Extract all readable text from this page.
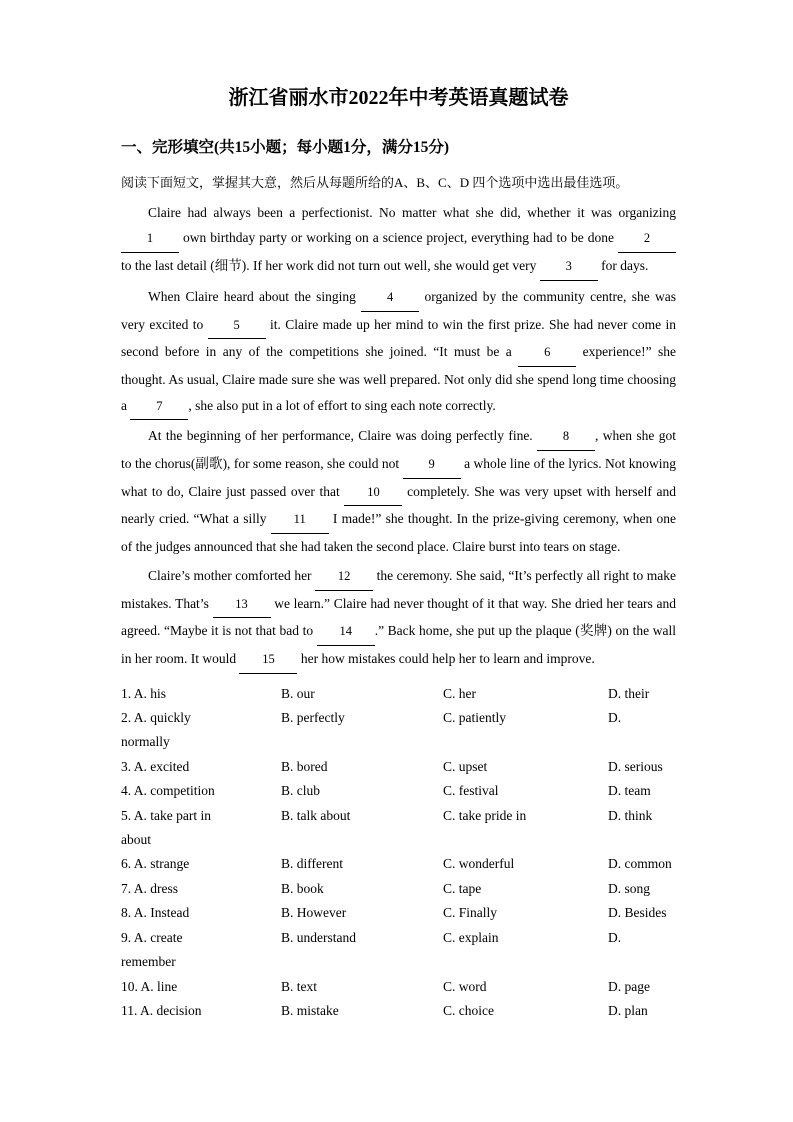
浙江省丽水市2022年中考英语真题试卷
一、完形填空(共15小题；每小题1分，满分15分)

阅读下面短文，掌握其大意，然后从每题所给的A、B、C、D 四个选项中选出最佳选项。

Claire had always been a perfectionist. No matter what she did, whether it was organizing 1 own birthday party or working on a science project, everything had to be done 2 to the last detail (细节). If her work did not turn out well, she would get very 3 for days.

When Claire heard about the singing 4 organized by the community centre, she was very excited to 5 it. Claire made up her mind to win the first prize. She had never come in second before in any of the competitions she joined. “It must be a 6 experience!” she thought. As usual, Claire made sure she was well prepared. Not only did she spend long time choosing a 7 , she also put in a lot of effort to sing each note correctly.

At the beginning of her performance, Claire was doing perfectly fine. 8 , when she got to the chorus(副歌), for some reason, she could not 9 a whole line of the lyrics. Not knowing what to do, Claire just passed over that 10 completely. She was very upset with herself and nearly cried. “What a silly 11 I made!” she thought. In the prize-giving ceremony, when one of the judges announced that she had taken the second place. Claire burst into tears on stage.

Claire’s mother comforted her 12 the ceremony. She said, “It’s perfectly all right to make mistakes. That’s 13 we learn.” Claire had never thought of it that way. She dried her tears and agreed. “Maybe it is not that bad to 14 .” Back home, she put up the plaque (奖牌) on the wall in her room. It would 15 her how mistakes could help her to learn and improve.

1. A. his	B. our	C. her	D. their
2. A. quickly	B. perfectly	C. patiently	D.
normally
3. A. excited	B. bored	C. upset	D. serious
4. A. competition	B. club	C. festival	D. team
5. A. take part in	B. talk about	C. take pride in	D. think
about
6. A. strange	B. different	C. wonderful	D. common
7. A. dress	B. book	C. tape	D. song
8. A. Instead	B. However	C. Finally	D. Besides
9. A. create	B. understand	C. explain	D.
remember
10. A. line	B. text	C. word	D. page
11. A. decision	B. mistake	C. choice	D. plan
